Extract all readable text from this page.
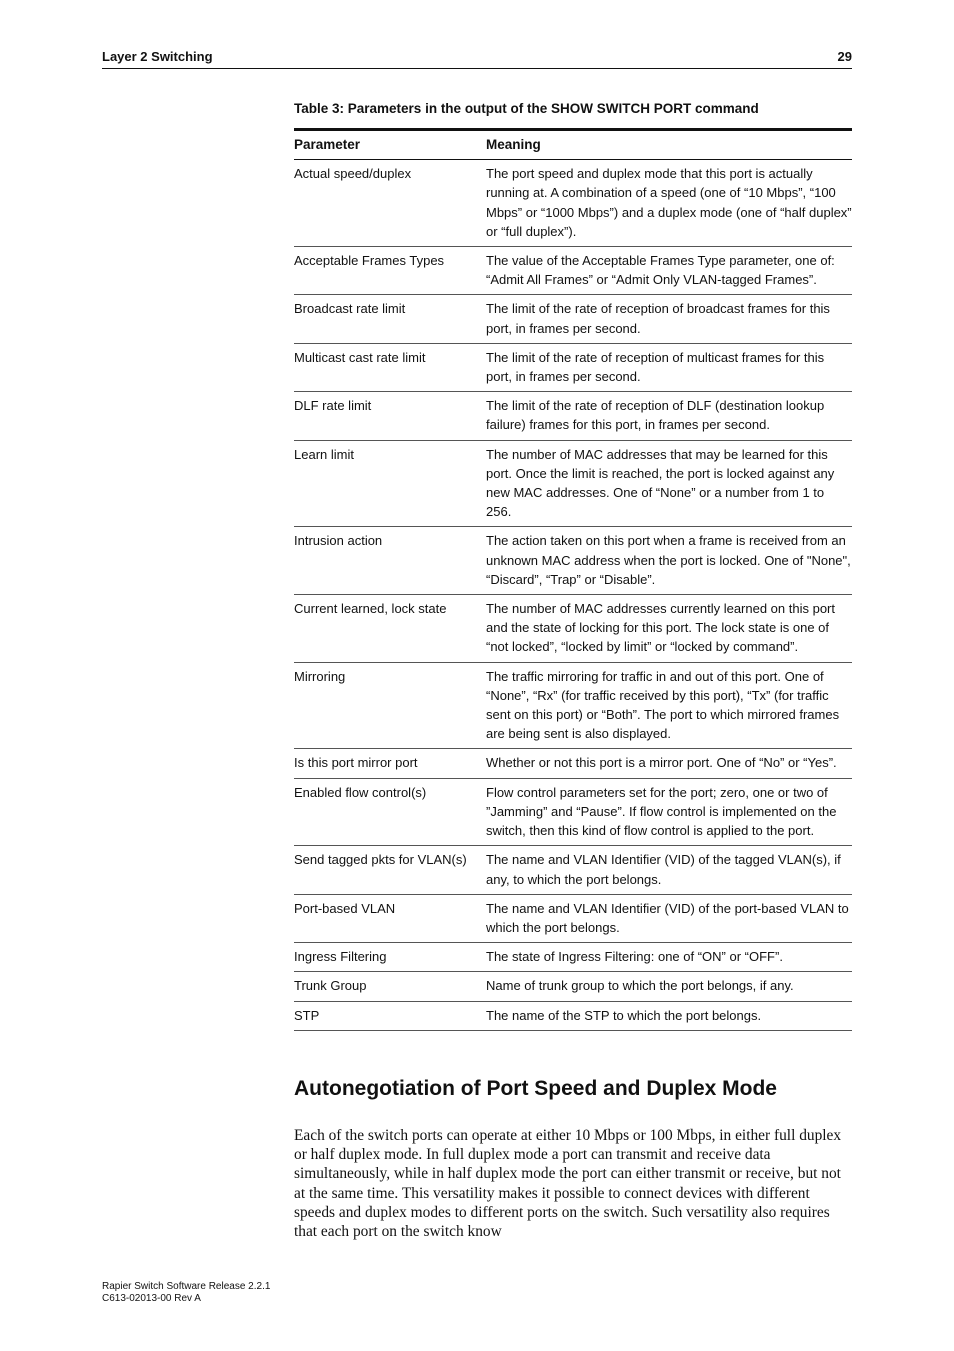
Layer 2 Switching	29
Table 3: Parameters in the output of the SHOW SWITCH PORT command
Parameter	Meaning
Actual speed/duplex	The port speed and duplex mode that this port is actually running at. A combination of a speed (one of “10 Mbps”, “100 Mbps” or “1000 Mbps”) and a duplex mode (one of “half duplex” or “full duplex”).
Acceptable Frames Types	The value of the Acceptable Frames Type parameter, one of: “Admit All Frames” or “Admit Only VLAN-tagged Frames”.
Broadcast rate limit	The limit of the rate of reception of broadcast frames for this port, in frames per second.
Multicast cast rate limit	The limit of the rate of reception of multicast frames for this port, in frames per second.
DLF rate limit	The limit of the rate of reception of DLF (destination lookup failure) frames for this port, in frames per second.
Learn limit	The number of MAC addresses that may be learned for this port. Once the limit is reached, the port is locked against any new MAC addresses. One of “None” or a number from 1 to 256.
Intrusion action	The action taken on this port when a frame is received from an unknown MAC address when the port is locked. One of "None", “Discard”, “Trap” or “Disable”.
Current learned, lock state	The number of MAC addresses currently learned on this port and the state of locking for this port. The lock state is one of “not locked”, “locked by limit” or “locked by command”.
Mirroring	The traffic mirroring for traffic in and out of this port. One of “None”, “Rx” (for traffic received by this port), “Tx” (for traffic sent on this port) or “Both”. The port to which mirrored frames are being sent is also displayed.
Is this port mirror port	Whether or not this port is a mirror port. One of “No” or “Yes”.
Enabled flow control(s)	Flow control parameters set for the port; zero, one or two of ”Jamming” and “Pause”. If flow control is implemented on the switch, then this kind of flow control is applied to the port.
Send tagged pkts for VLAN(s)	The name and VLAN Identifier (VID) of the tagged VLAN(s), if any, to which the port belongs.
Port-based VLAN	The name and VLAN Identifier (VID) of the port-based VLAN to which the port belongs.
Ingress Filtering	The state of Ingress Filtering: one of “ON” or “OFF”.
Trunk Group	Name of trunk group to which the port belongs, if any.
STP	The name of the STP to which the port belongs.
Autonegotiation of Port Speed and Duplex Mode

Each of the switch ports can operate at either 10 Mbps or 100 Mbps, in either full duplex or half duplex mode. In full duplex mode a port can transmit and receive data simultaneously, while in half duplex mode the port can either transmit or receive, but not at the same time. This versatility makes it possible to connect devices with different speeds and duplex modes to different ports on the switch. Such versatility also requires that each port on the switch know

Rapier Switch Software Release 2.2.1
C613-02013-00 Rev A
